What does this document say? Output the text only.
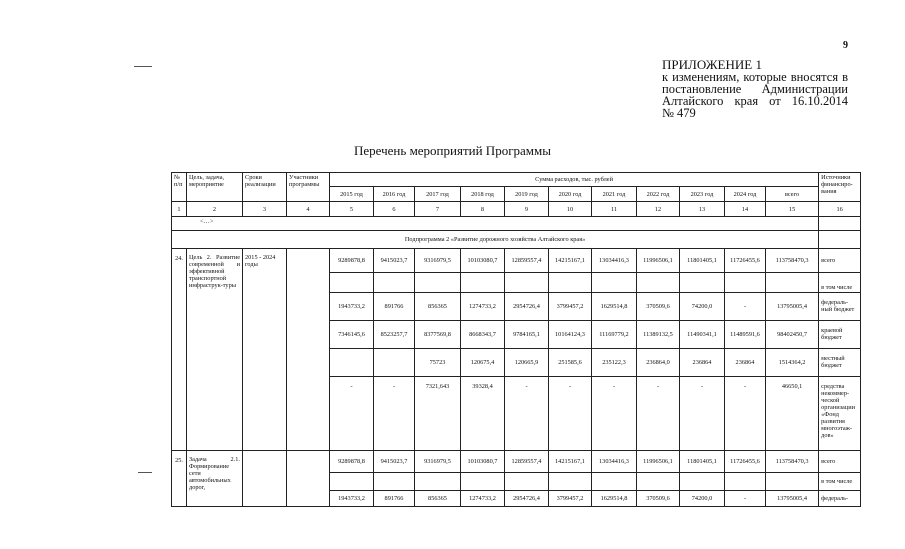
9
ПРИЛОЖЕНИЕ 1
к изменениям, которые вносятся в
постановление Администрации
Алтайского края от 16.10.2014
№ 479
Перечень мероприятий Программы
№ п/п	Цель, задача, мероприятие	Сроки реализации	Участники программы	Сумма расходов, тыс. рублей											Источники финансиро-вания
				2015 год	2016 год	2017 год	2018 год	2019 год	2020 год	2021 год	2022 год	2023 год	2024 год	всего	
1	2	3	4	5	6	7	8	9	10	11	12	13	14	15	16
<…>															
Подпрограмма 2 «Развитие дорожного хозяйства Алтайского края»															
24.	Цель 2. Развитие современной и эффективной транспортной инфраструк-туры	2015 - 2024 годы		9289878,8	9415023,7	9316979,5	10103080,7	12859557,4	14215167,1	13034416,3	11996506,1	11801405,1	11726455,6	113758470,3	всего
															в том числе
				1943733,2	891766	856365	1274733,2	2954726,4	3799457,2	1629514,8	370509,6	74200,0	-	13795005,4	федераль-ный бюджет
				7346145,6	8523257,7	8377569,8	8668343,7	9784165,1	10164124,3	11169779,2	11389132,5	11490341,1	11489591,6	98402450,7	краевой бюджет
						75723	120675,4	120665,9	251585,6	235122,3	236864,0	236864	236864	1514364,2	местный бюджет
				-	-	7321,643	39328,4	-	-	-	-	-	-	46650,1	средства некоммер-ческой организации «Фонд развития многоэтаж-дов»
25.	Задача 2.1. Формирование сети автомобильных дорог,			9289878,8	9415023,7	9316979,5	10103080,7	12859557,4	14215167,1	13034416,3	11996506,1	11801405,1	11726455,6	113758470,3	всего
															в том числе
				1943733,2	891766	856365	1274733,2	2954726,4	3799457,2	1629514,8	370509,6	74200,0	-	13795005,4	федераль-
